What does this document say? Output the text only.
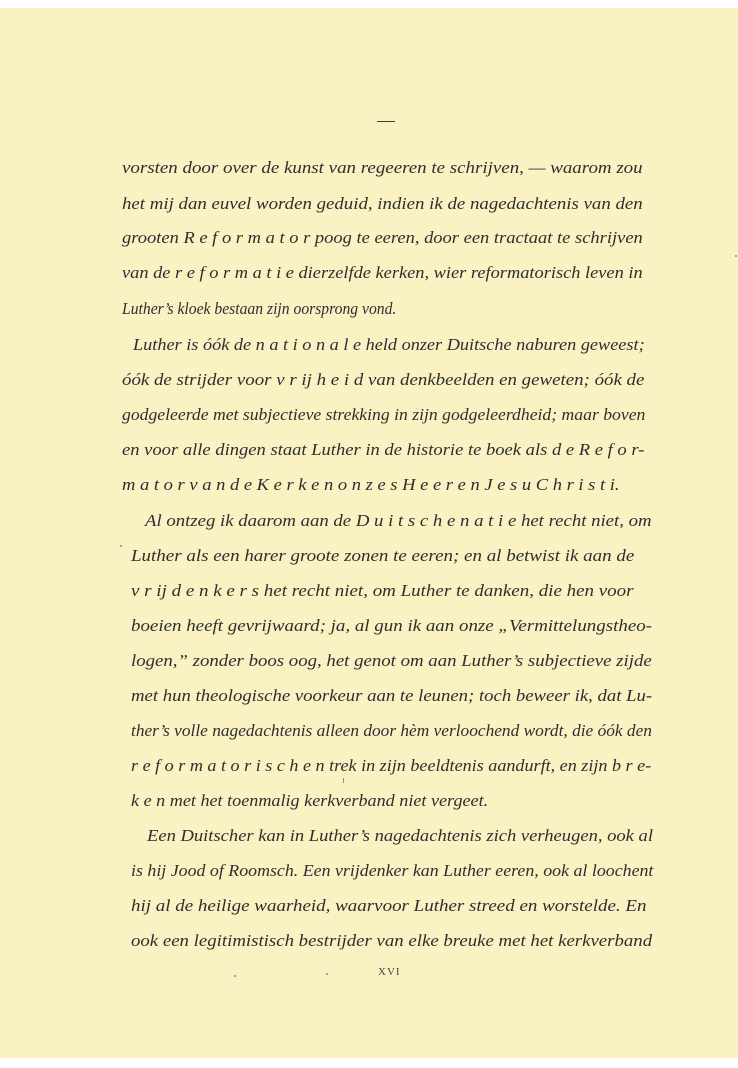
vorsten door over de kunst van regeeren te schrijven, — waarom zou
het mij dan euvel worden geduid, indien ik de nagedachtenis van den
grooten R e f o r m a t o r poog te eeren, door een tractaat te schrijven
van de r e f o r m a t i e dierzelfde kerken, wier reformatorisch leven in
Luther’s kloek bestaan zijn oorsprong vond.
Luther is óók de n a t i o n a l e held onzer Duitsche naburen geweest;
óók de strijder voor v r ij h e i d van denkbeelden en geweten; óók de
godgeleerde met subjectieve strekking in zijn godgeleerdheid; maar boven
en voor alle dingen staat Luther in de historie te boek als d e R e f o r-
m a t o r v a n d e K e r k e n o n z e s H e e r e n J e s u C h r i s t i.
Al ontzeg ik daarom aan de D u i t s c h e n a t i e het recht niet, om
Luther als een harer groote zonen te eeren; en al betwist ik aan de
v r ij d e n k e r s het recht niet, om Luther te danken, die hen voor
boeien heeft gevrijwaard; ja, al gun ik aan onze „Vermittelungstheo-
logen,” zonder boos oog, het genot om aan Luther’s subjectieve zijde
met hun theologische voorkeur aan te leunen; toch beweer ik, dat Lu-
ther’s volle nagedachtenis alleen door hèm verloochend wordt, die óók den
r e f o r m a t o r i s c h e n trek in zijn beeldtenis aandurft, en zijn b r e-
k e n met het toenmalig kerkverband niet vergeet.
Een Duitscher kan in Luther’s nagedachtenis zich verheugen, ook al
is hij Jood of Roomsch. Een vrijdenker kan Luther eeren, ook al loochent
hij al de heilige waarheid, waarvoor Luther streed en worstelde. En
ook een legitimistisch bestrijder van elke breuke met het kerkverband
XVI
